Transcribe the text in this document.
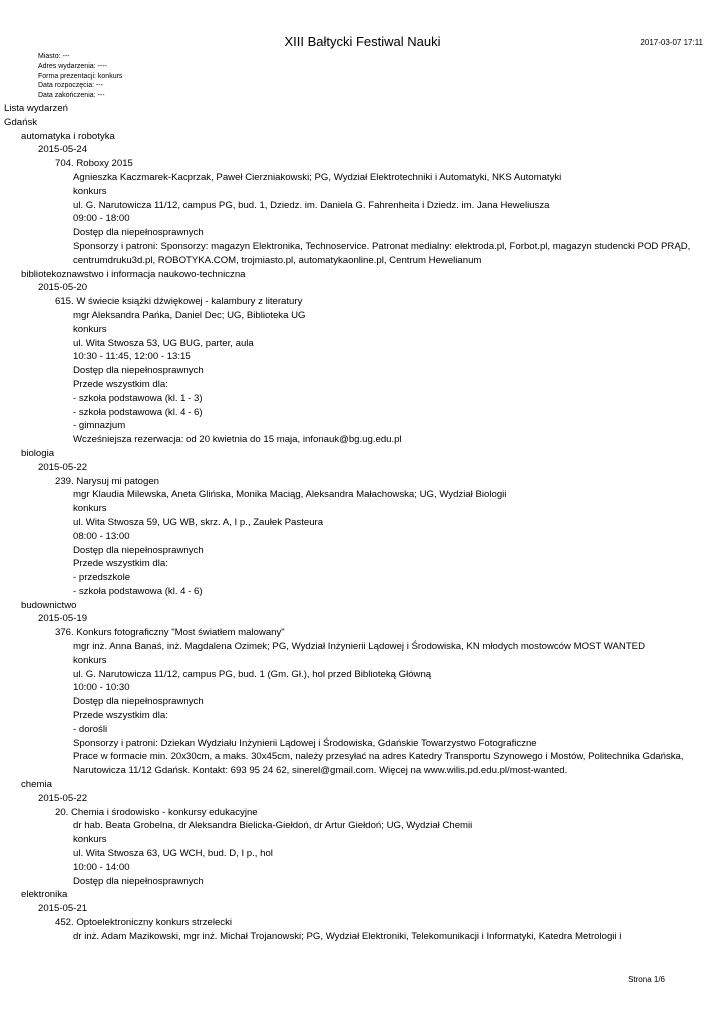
XIII Bałtycki Festiwal Nauki	2017-03-07 17:11
Miasto: ---
Adres wydarzenia: ----
Forma prezentacji: konkurs
Data rozpoczęcia: ---
Data zakończenia: ---
Lista wydarzeń
Gdańsk
automatyka i robotyka
2015-05-24
704. Roboxy 2015
Agnieszka Kaczmarek-Kacprzak, Paweł Cierzniakowski; PG, Wydział Elektrotechniki i Automatyki, NKS Automatyki
konkurs
ul. G. Narutowicza 11/12, campus PG, bud. 1, Dziedz. im. Daniela G. Fahrenheita i Dziedz. im. Jana Heweliusza
09:00 - 18:00
Dostęp dla niepełnosprawnych
Sponsorzy i patroni: Sponsorzy: magazyn Elektronika, Technoservice. Patronat medialny: elektroda.pl, Forbot.pl, magazyn studencki POD PRĄD, centrumdruku3d.pl, ROBOTYKA.COM, trojmiasto.pl, automatykaonline.pl, Centrum Hewelianum
bibliotekoznawstwo i informacja naukowo-techniczna
2015-05-20
615. W świecie książki dźwiękowej - kalambury z literatury
mgr Aleksandra Pańka, Daniel Dec; UG, Biblioteka UG
konkurs
ul. Wita Stwosza 53, UG BUG, parter, aula
10:30 - 11:45, 12:00 - 13:15
Dostęp dla niepełnosprawnych
Przede wszystkim dla:
- szkoła podstawowa (kl. 1 - 3)
- szkoła podstawowa (kl. 4 - 6)
- gimnazjum
Wcześniejsza rezerwacja: od 20 kwietnia do 15 maja, infonauk@bg.ug.edu.pl
biologia
2015-05-22
239. Narysuj mi patogen
mgr Klaudia Milewska, Aneta Glińska, Monika Maciąg, Aleksandra Małachowska; UG, Wydział Biologii
konkurs
ul. Wita Stwosza 59, UG WB, skrz. A, I p., Zaułek Pasteura
08:00 - 13:00
Dostęp dla niepełnosprawnych
Przede wszystkim dla:
- przedszkole
- szkoła podstawowa (kl. 4 - 6)
budownictwo
2015-05-19
376. Konkurs fotograficzny "Most światłem malowany"
mgr inż. Anna Banaś, inż. Magdalena Ozimek; PG, Wydział Inżynierii Lądowej i Środowiska, KN młodych mostowców MOST WANTED
konkurs
ul. G. Narutowicza 11/12, campus PG, bud. 1 (Gm. Gł.), hol przed Biblioteką Główną
10:00 - 10:30
Dostęp dla niepełnosprawnych
Przede wszystkim dla:
- dorośli
Sponsorzy i patroni: Dziekan Wydziału Inżynierii Lądowej i Środowiska, Gdańskie Towarzystwo Fotograficzne
Prace w formacie min. 20x30cm, a maks. 30x45cm, należy przesyłać na adres Katedry Transportu Szynowego i Mostów, Politechnika Gdańska, Narutowicza 11/12 Gdańsk. Kontakt: 693 95 24 62, sinerel@gmail.com. Więcej na www.wilis.pd.edu.pl/most-wanted.
chemia
2015-05-22
20. Chemia i środowisko - konkursy edukacyjne
dr hab. Beata Grobelna, dr Aleksandra Bielicka-Giełdoń, dr Artur Giełdoń; UG, Wydział Chemii
konkurs
ul. Wita Stwosza 63, UG WCH, bud. D, I p., hol
10:00 - 14:00
Dostęp dla niepełnosprawnych
elektronika
2015-05-21
452. Optoelektroniczny konkurs strzelecki
dr inż. Adam Mazikowski, mgr inż. Michał Trojanowski; PG, Wydział Elektroniki, Telekomunikacji i Informatyki, Katedra Metrologii i
Strona 1/6
